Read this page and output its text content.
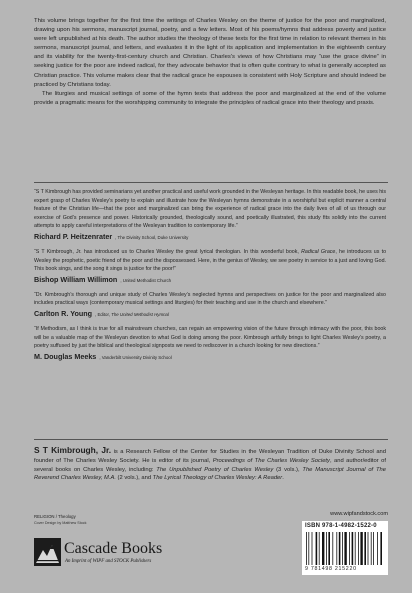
This volume brings together for the first time the writings of Charles Wesley on the theme of justice for the poor and marginalized, drawing upon his sermons, manuscript journal, poetry, and a few letters. Most of his poems/hymns that address poverty and justice were left unpublished at his death. The author studies the theology of these texts for the first time in relation to relevant themes in his sermons, manuscript journal, and letters, and evaluates it in the light of its application and implementation in the eighteenth century and its viability for the twenty-first-century church and Christian. Charles's views of how Christians may “use the grace divine” in seeking justice for the poor are indeed radical, for they advocate behavior that is often quite contrary to what is generally accepted as Christian practice. This volume makes clear that the radical grace he espouses is consistent with Holy Scripture and should indeed be practiced by Christians today.

The liturgies and musical settings of some of the hymn texts that address the poor and marginalized at the end of the volume provide a pragmatic means for the worshipping community to integrate the principles of radical grace into their theology and praxis.

“S T Kimbrough has provided seminarians yet another practical and useful work grounded in the Wesleyan heritage. In this readable book, he uses his expert grasp of Charles Wesley’s poetry to explain and illustrate how the Wesleyan hymns demonstrate in a worshipful but explicit manner a central feature of the Christian life—that the poor and marginalized can bring the experience of radical grace into the daily lives of all of us through our exercise of God’s presence and power. Historically grounded, theologically sound, and poetically illustrated, this study fits solidly into the current attempts to apply careful interpretations of the Wesleyan tradition to contemporary life.”

Richard P. Heitzenrater , The Divinity School, Duke University

“S T Kimbrough, Jr. has introduced us to Charles Wesley the great lyrical theologian. In this wonderful book, Radical Grace, he introduces us to Wesley the prophetic, poetic friend of the poor and the dispossessed. Here, in the genius of Wesley, we see poetry in service to a just and loving God. This book sings, and the song it sings is justice for the poor!”

Bishop William Willimon , United Methodist Church

“Dr. Kimbrough’s thorough and unique study of Charles Wesley’s neglected hymns and perspectives on justice for the poor and marginalized also includes practical ways (contemporary musical settings and liturgies) for their teaching and use in the church and elsewhere.”

Carlton R. Young , Editor, The United Methodist Hymnal

“If Methodism, as I think is true for all mainstream churches, can regain an empowering vision of the future through intimacy with the poor, this book will be a valuable map of the Wesleyan devotion to what God is doing among the poor. Kimbrough artfully brings to light Charles Wesley’s poetry, a poetry suffused by just the biblical and theological signposts we need to rediscover in a church looking for new directions.”

M. Douglas Meeks , Vanderbilt University Divinity School
S T Kimbrough, Jr. is a Research Fellow of the Center for Studies in the Wesleyan Tradition of Duke Divinity School and founder of The Charles Wesley Society. He is editor of its journal, Proceedings of The Charles Wesley Society, and author/editor of several books on Charles Wesley, including: The Unpublished Poetry of Charles Wesley (3 vols.), The Manuscript Journal of The Reverend Charles Wesley, M.A. (2 vols.), and The Lyrical Theology of Charles Wesley: A Reader.
RELIGION / Theology
Cover Design by Matthew Stock
Cascade Books
An Imprint of WIPF and STOCK Publishers
www.wipfandstock.com
ISBN 978-1-4982-1522-0
9 781498 215220
